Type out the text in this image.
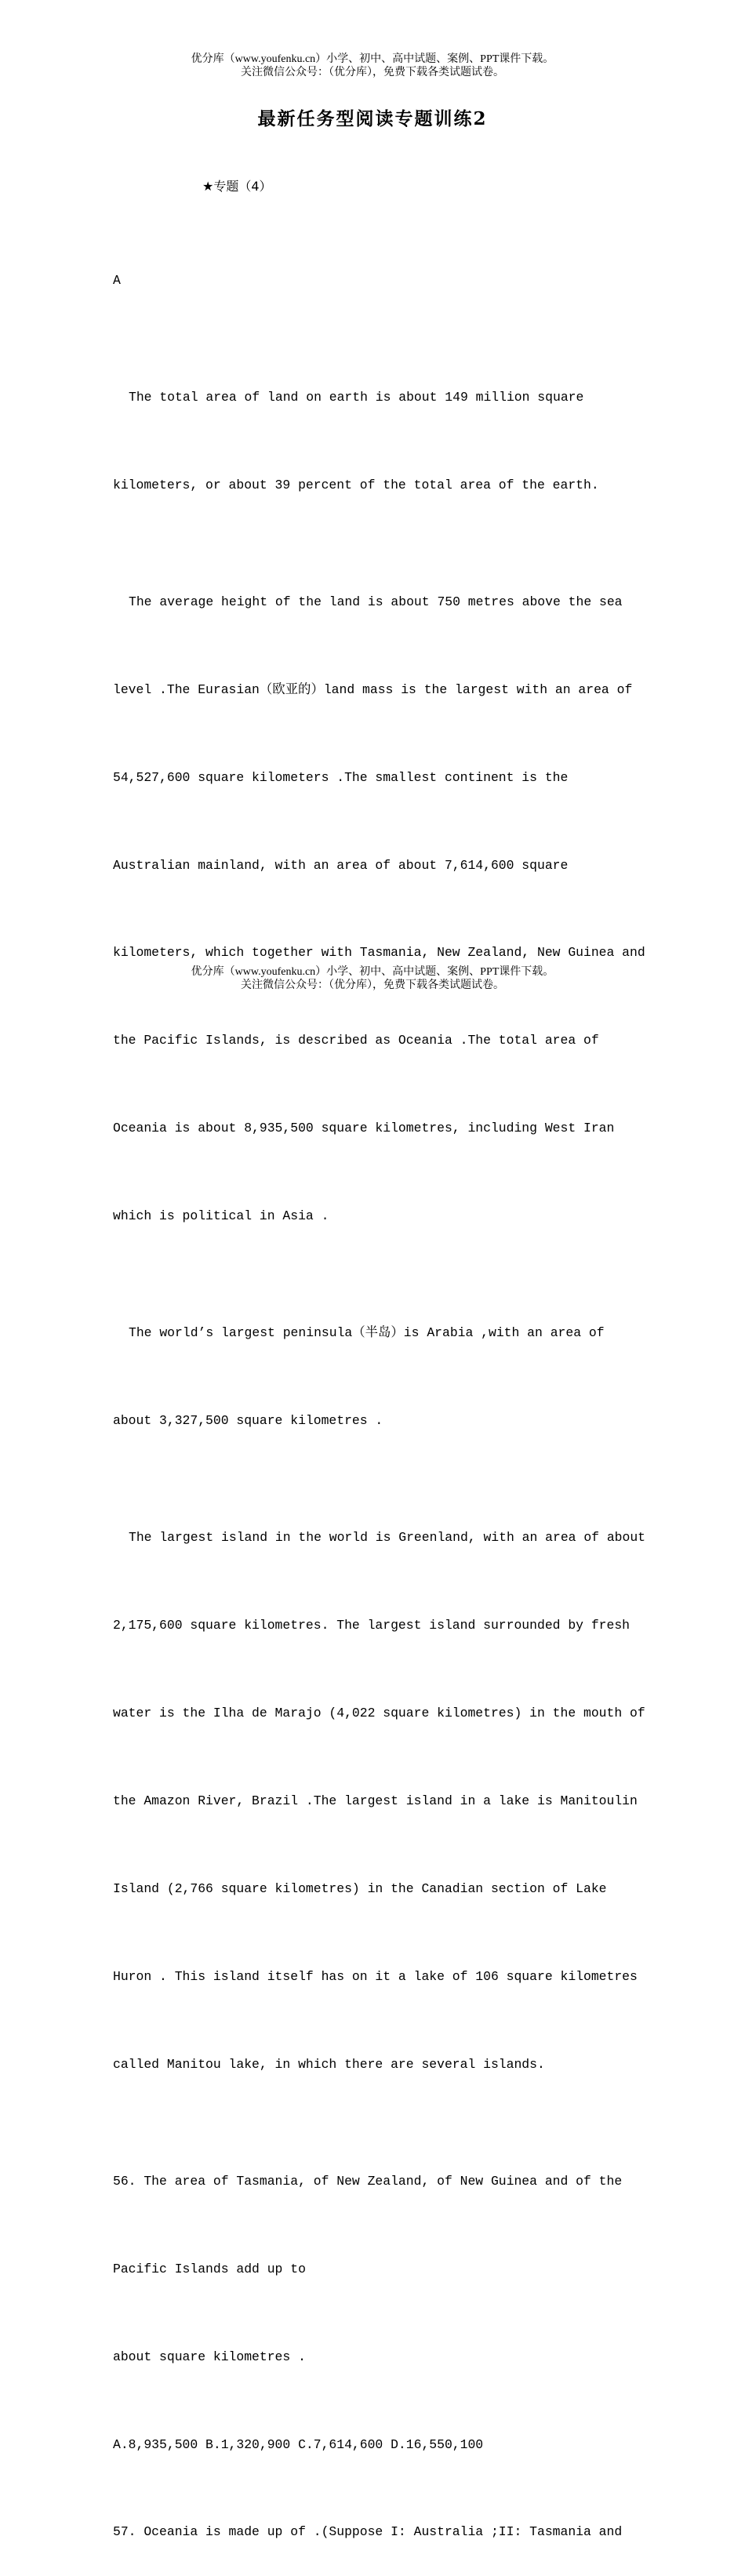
优分库（www.youfenku.cn）小学、初中、高中试题、案例、PPT课件下载。
关注微信公众号：（优分库），免费下载各类试题试卷。
最新任务型阅读专题训练2
★专题（4）

A

The total area of land on earth is about 149 million square

kilometers, or about 39 percent of the total area of the earth.

The average height of the land is about 750 metres above the sea

level .The Eurasian（欧亚的）land mass is the largest with an area of

54,527,600 square kilometers .The smallest continent is the

Australian mainland, with an area of about 7,614,600 square

kilometers, which together with Tasmania, New Zealand, New Guinea and

the Pacific Islands, is described as Oceania .The total area of

Oceania is about 8,935,500 square kilometres, including West Iran

which is political in Asia .

The world’s largest peninsula（半岛）is Arabia ,with an area of

about 3,327,500 square kilometres .

The largest island in the world is Greenland, with an area of about

2,175,600 square kilometres. The largest island surrounded by fresh

water is the Ilha de Marajo (4,022 square kilometres) in the mouth of

the Amazon River, Brazil .The largest island in a lake is Manitoulin

Island (2,766 square kilometres) in the Canadian section of Lake

Huron . This island itself has on it a lake of 106 square kilometres

called Manitou lake, in which there are several islands.

56. The area of Tasmania, of New Zealand, of New Guinea and of the

Pacific Islands add up to

about square kilometres .

A.8,935,500 B.1,320,900 C.7,614,600 D.16,550,100

57. Oceania is made up of .(Suppose I: Australia ;II: Tasmania and

优分库（www.youfenku.cn）小学、初中、高中试题、案例、PPT课件下载。
关注微信公众号：（优分库），免费下载各类试题试卷。
